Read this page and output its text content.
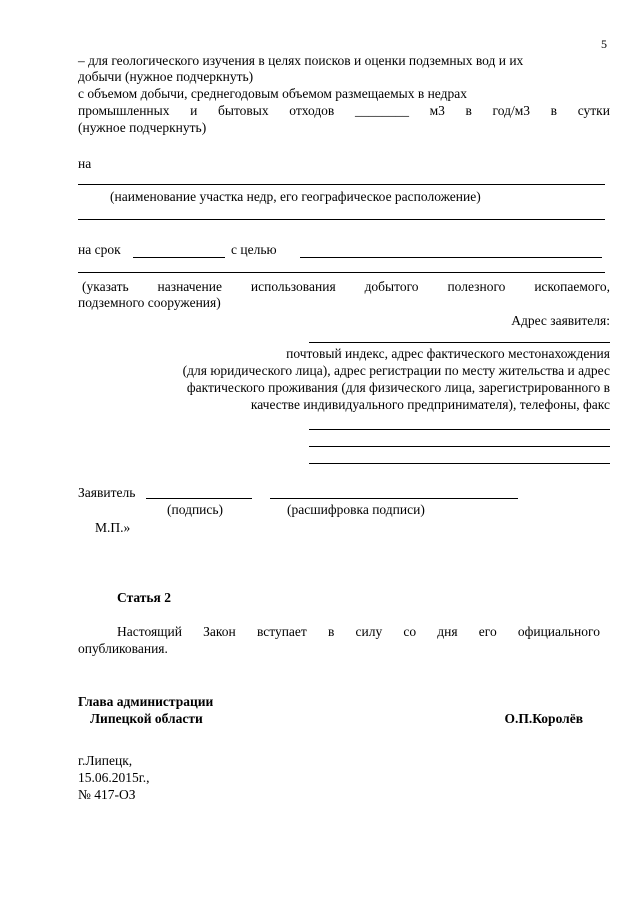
5
– для геологического изучения в целях поисков и оценки подземных вод и их
добычи (нужное подчеркнуть)
с объемом добычи, среднегодовым объемом размещаемых в недрах
промышленных и бытовых отходов ________ м3 в год/м3 в сутки
(нужное подчеркнуть)
на
(наименование участка недр, его географическое расположение)
на срок	с целью
(указать назначение использования добытого полезного ископаемого,
подземного сооружения)
Адрес заявителя:
почтовый индекс, адрес фактического местонахождения
(для юридического лица), адрес регистрации по месту жительства и адрес
фактического проживания (для физического лица, зарегистрированного в
качестве индивидуального предпринимателя), телефоны, факс
Заявитель
(подпись)	(расшифровка подписи)
М.П.»
Статья 2
Настоящий Закон вступает в силу со дня его официального
опубликования.
Глава администрации
Липецкой области	О.П.Королёв
г.Липецк,
15.06.2015г.,
№ 417-ОЗ
